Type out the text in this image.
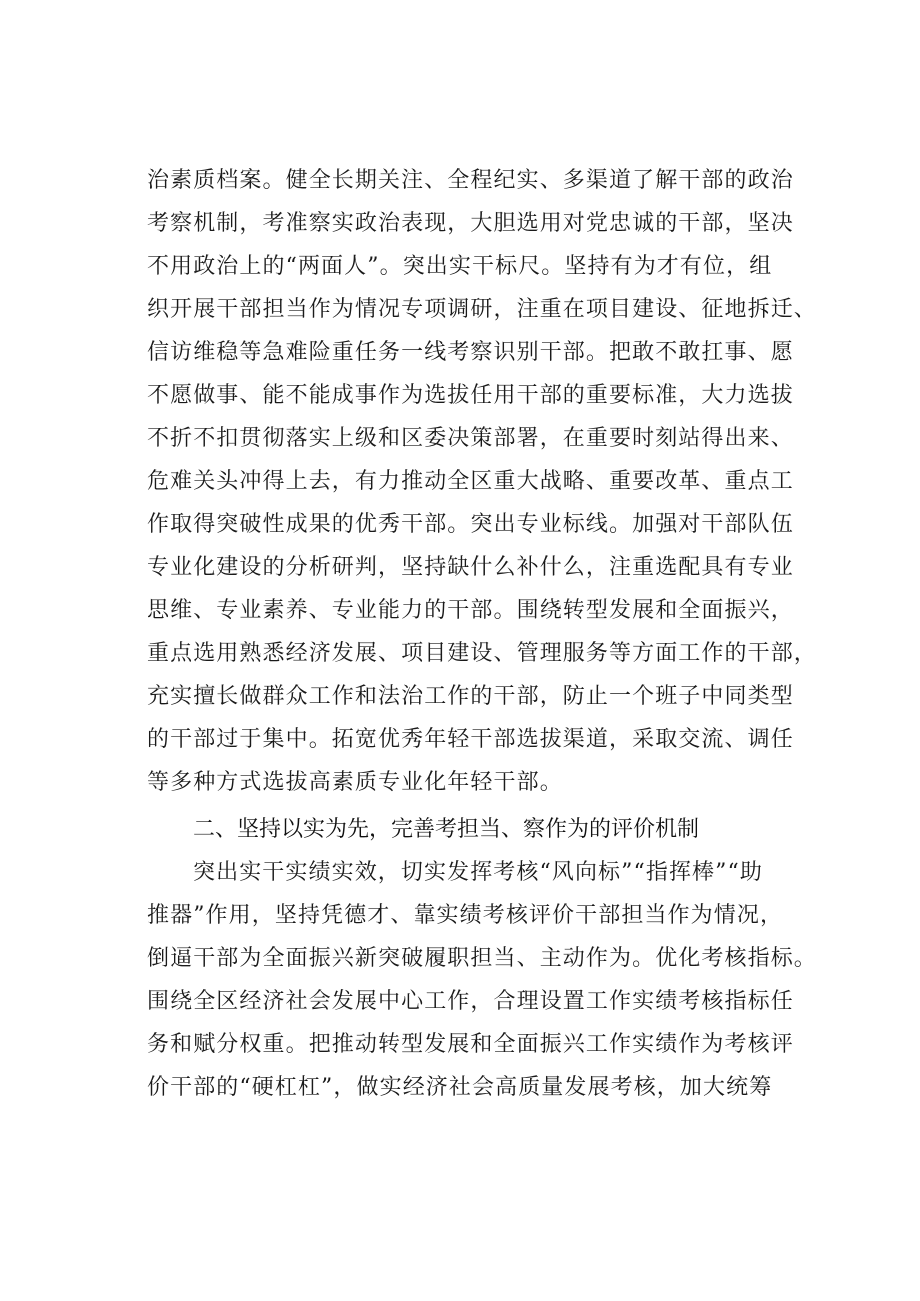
治素质档案。健全长期关注、全程纪实、多渠道了解干部的政治
考察机制，考准察实政治表现，大胆选用对党忠诚的干部，坚决
不用政治上的“两面人”。突出实干标尺。坚持有为才有位，组
织开展干部担当作为情况专项调研，注重在项目建设、征地拆迁、
信访维稳等急难险重任务一线考察识别干部。把敢不敢扛事、愿
不愿做事、能不能成事作为选拔任用干部的重要标准，大力选拔
不折不扣贯彻落实上级和区委决策部署，在重要时刻站得出来、
危难关头冲得上去，有力推动全区重大战略、重要改革、重点工
作取得突破性成果的优秀干部。突出专业标线。加强对干部队伍
专业化建设的分析研判，坚持缺什么补什么，注重选配具有专业
思维、专业素养、专业能力的干部。围绕转型发展和全面振兴，
重点选用熟悉经济发展、项目建设、管理服务等方面工作的干部，
充实擅长做群众工作和法治工作的干部，防止一个班子中同类型
的干部过于集中。拓宽优秀年轻干部选拔渠道，采取交流、调任
等多种方式选拔高素质专业化年轻干部。
二、坚持以实为先，完善考担当、察作为的评价机制
突出实干实绩实效，切实发挥考核“风向标”“指挥棒”“助
推器”作用，坚持凭德才、靠实绩考核评价干部担当作为情况，
倒逼干部为全面振兴新突破履职担当、主动作为。优化考核指标。
围绕全区经济社会发展中心工作，合理设置工作实绩考核指标任
务和赋分权重。把推动转型发展和全面振兴工作实绩作为考核评
价干部的“硬杠杠”，做实经济社会高质量发展考核，加大统筹
